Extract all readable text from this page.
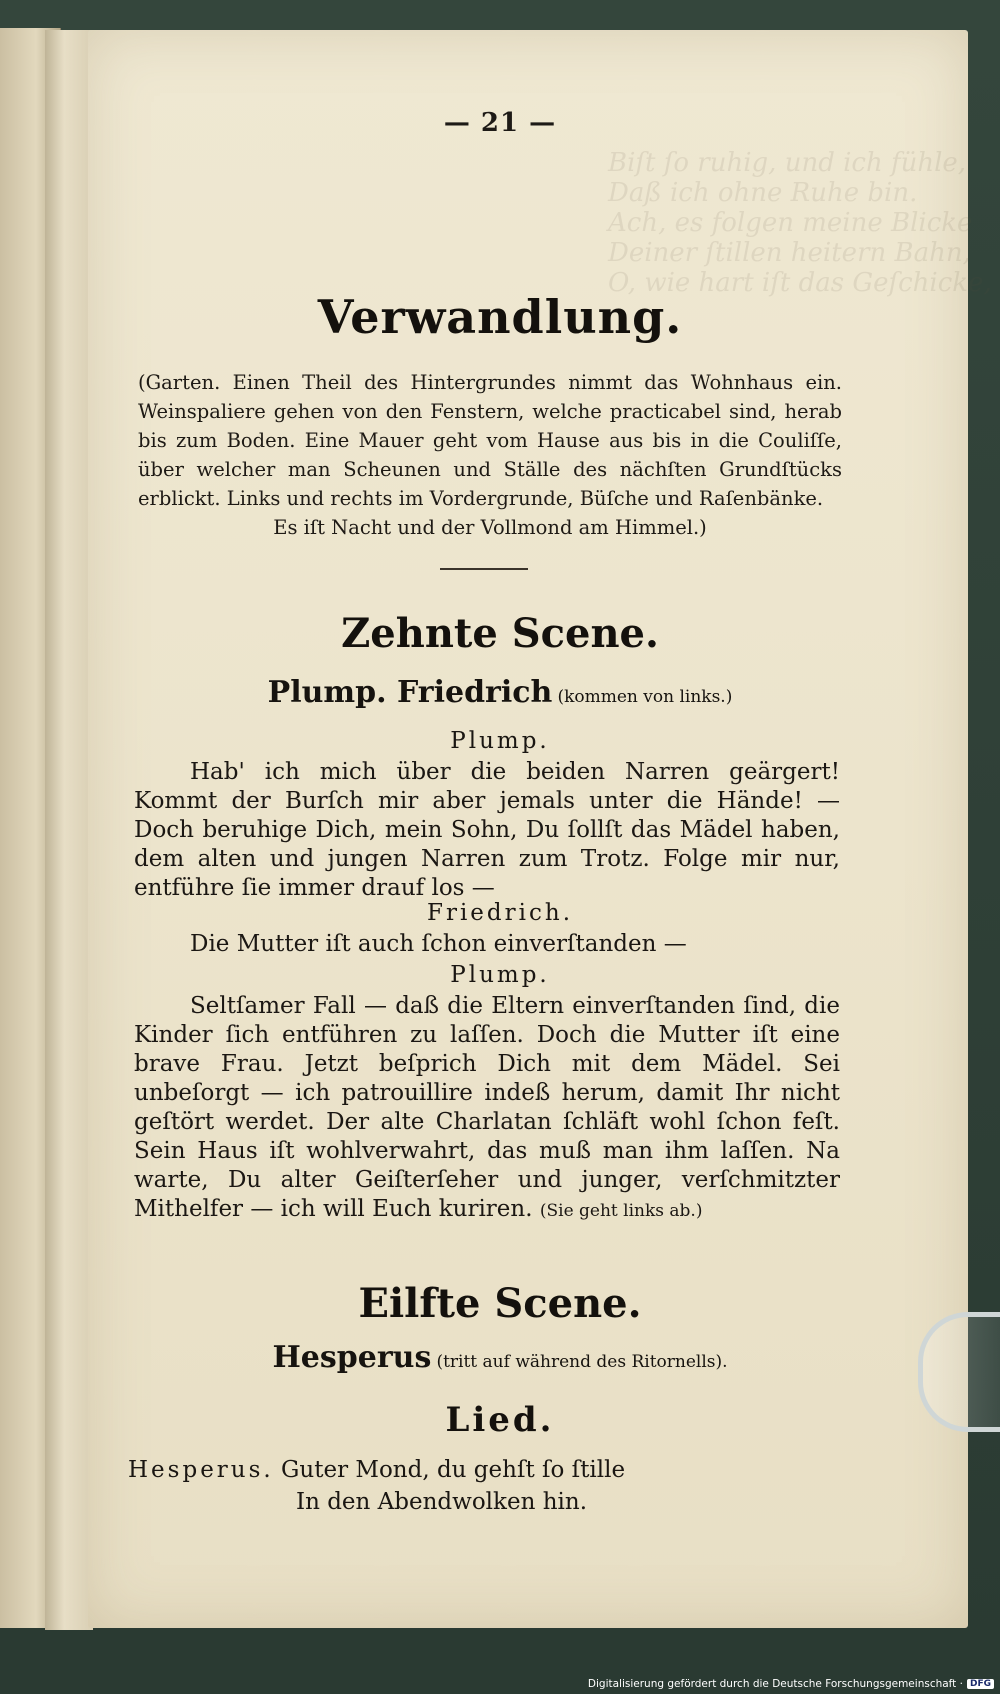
Biſt ſo ruhig, und ich fühle,
Daß ich ohne Ruhe bin.
Ach, es folgen meine Blicke
Deiner ſtillen heitern Bahn,
O, wie hart iſt das Geſchicke,
— 21 —
Verwandlung.
(Garten. Einen Theil des Hintergrundes nimmt das Wohnhaus ein. Weinspaliere gehen von den Fenstern, welche practicabel sind, herab bis zum Boden. Eine Mauer geht vom Hause aus bis in die Couliſſe, über welcher man Scheunen und Ställe des nächſten Grundſtücks erblickt. Links und rechts im Vordergrunde, Büſche und Raſenbänke.
Es iſt Nacht und der Vollmond am Himmel.)
Zehnte Scene.
Plump. Friedrich (kommen von links.)
Plump.
Hab' ich mich über die beiden Narren geärgert! Kommt der Burſch mir aber jemals unter die Hände! — Doch beruhige Dich, mein Sohn, Du ſollſt das Mädel haben, dem alten und jungen Narren zum Trotz. Folge mir nur, entführe ſie immer drauf los —
Friedrich.
Die Mutter iſt auch ſchon einverſtanden —
Plump.
Seltſamer Fall — daß die Eltern einverſtanden ſind, die Kinder ſich entführen zu laſſen. Doch die Mutter iſt eine brave Frau. Jetzt beſprich Dich mit dem Mädel. Sei unbeſorgt — ich patrouillire indeß herum, damit Ihr nicht geſtört werdet. Der alte Charlatan ſchläft wohl ſchon feſt. Sein Haus iſt wohlverwahrt, das muß man ihm laſſen. Na warte, Du alter Geiſterſeher und junger, verſchmitzter Mithelfer — ich will Euch kuriren. (Sie geht links ab.)
Eilfte Scene.
Hesperus (tritt auf während des Ritornells).
Lied.
Hesperus. Guter Mond, du gehſt ſo ſtille
In den Abendwolken hin.
Digitalisierung gefördert durch die Deutsche Forschungsgemeinschaft · DFG
